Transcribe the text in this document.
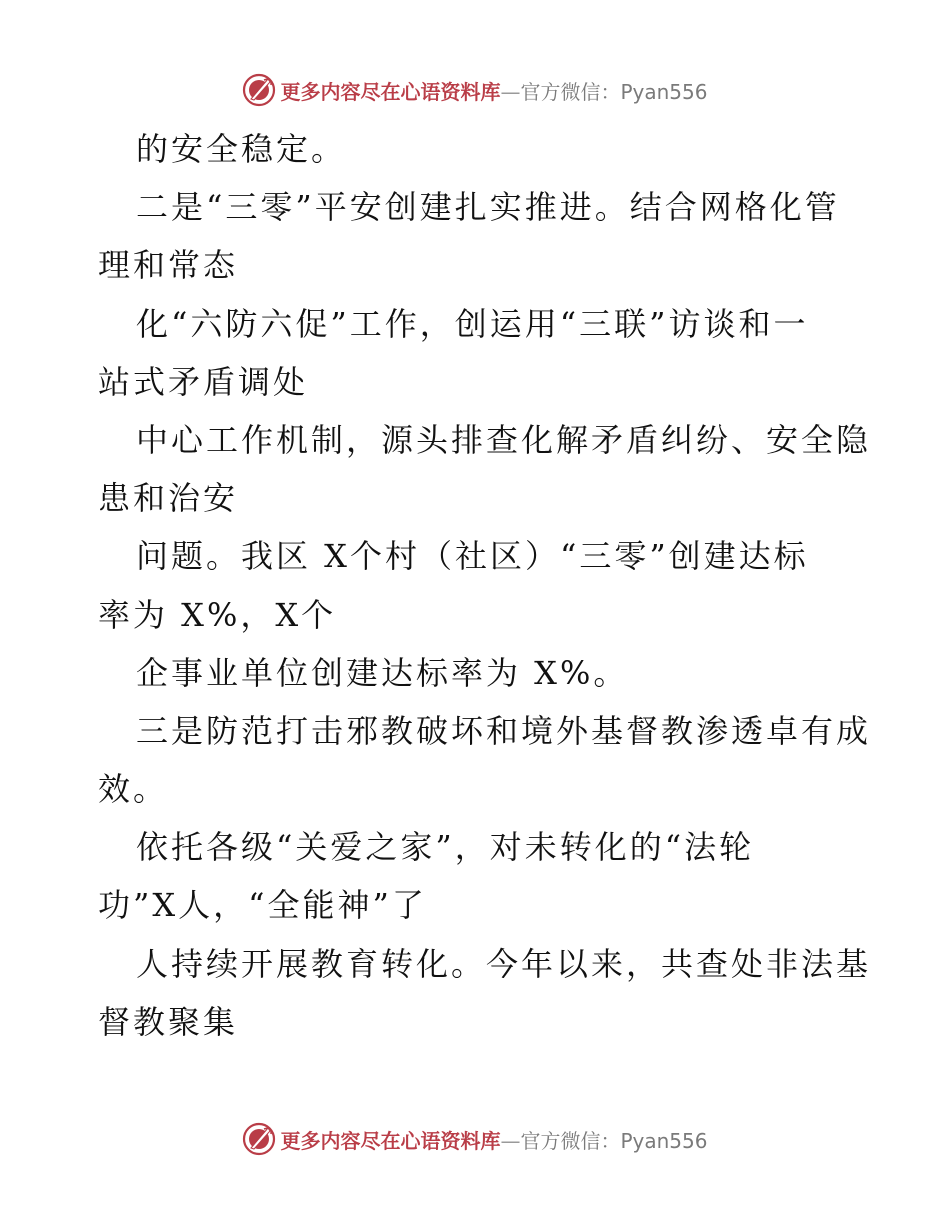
更多内容尽在心语资料库—官方微信：Pyan556
的安全稳定。
二是“三零”平安创建扎实推进。结合网格化管
理和常态
化“六防六促”工作，创运用“三联”访谈和一
站式矛盾调处
中心工作机制，源头排查化解矛盾纠纷、安全隐
患和治安
问题。我区 X个村（社区）“三零”创建达标
率为 X%，X个
企事业单位创建达标率为 X%。
三是防范打击邪教破坏和境外基督教渗透卓有成
效。
依托各级“关爱之家”，对未转化的“法轮
功”X人，“全能神”了
人持续开展教育转化。今年以来，共查处非法基
督教聚集
更多内容尽在心语资料库—官方微信：Pyan556
